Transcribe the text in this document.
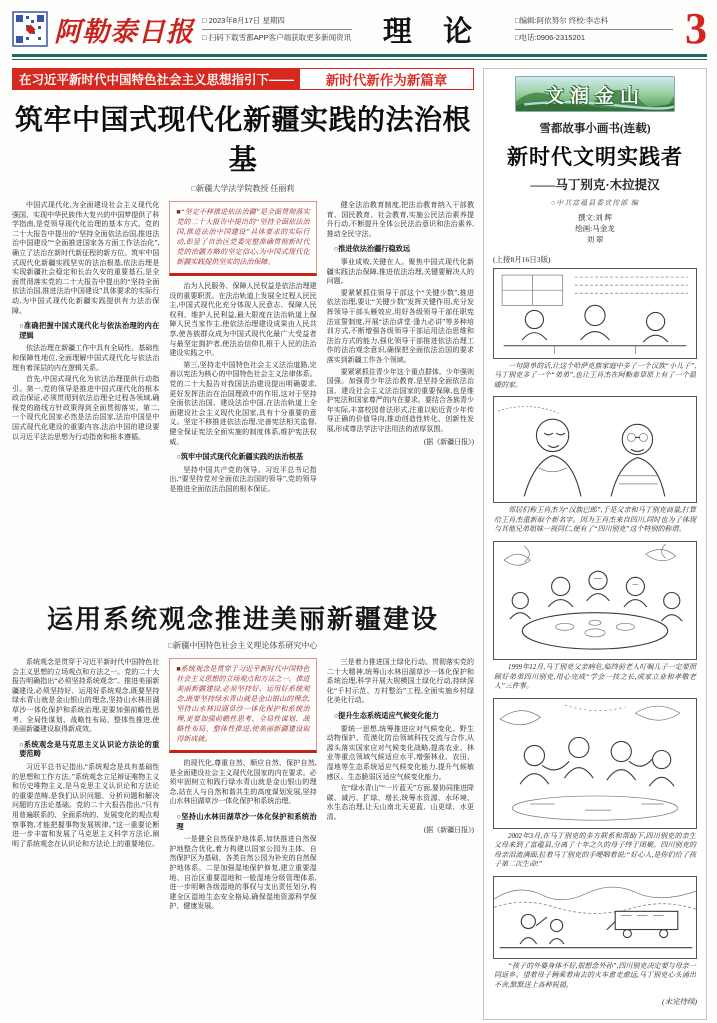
阿勒泰日报 □ 2023年8月17日 星期四
□ 扫码下载雪都APP客户端获取更多新闻资讯	理 论	□编辑:阿依努尔 终校:李志科
□电话:0906-2315201	3
在习近平新时代中国特色社会主义思想指引下——	新时代新作为新篇章
筑牢中国式现代化新疆实践的法治根基
□新疆大学法学院教授 任丽莉

中国式现代化,为全面建设社会主义现代化强国、实现中华民族伟大复兴的中国梦提供了科学指南,是党领导现代化治理的基本方式。党的二十大报告中提出的“坚持全面依法治国,推进法治中国建设”“全面推进国家各方面工作法治化”,确立了法治在新时代新征程的新方位。筑牢中国式现代化新疆实践坚实的法治根基,依法治理是实现新疆社会稳定和长治久安的重要基石,是全面贯彻落实党的二十大报告中提出的“坚持全面依法治国,推进法治中国建设”具体要求的实际行动,为中国式现代化新疆实践提供有力法治保障。

○准确把握中国式现代化与依法治理的内在逻辑

依法治理在新疆工作中具有全局性、基础性和保障性地位,全面理解中国式现代化与依法治理有着深层的内在逻辑关系。

首先,中国式现代化为依法治理提供行动指引。第一,党的领导是推进中国式现代化的根本政治保证,必须贯彻到依法治理全过程各领域,确保党的路线方针政策得到全面贯彻落实。第二,一个现代化国家必然是法治国家,法治中国是中国式现代化建设的重要内容,法治中国的建设要以习近平法治思想为行动指南和根本遵循。

■“坚定不移推进依法治疆”是全面贯彻落实党的二十大报告中提出的“坚持全面依法治国,推进法治中国建设”具体要求的实际行动,彰显了自治区党委完整准确贯彻新时代党的治疆方略的坚定信心,为中国式现代化新疆实践提供坚实的法治保障。

治为人民服务、保障人民权益是依法治理建设的重要职责。在法治轨道上发展全过程人民民主,中国式现代化充分体现人民意志、保障人民权利、维护人民利益,最大限度在法治轨道上保障人民当家作主,使依法治理建设成果由人民共享,使各族群众成为中国式现代化最广大受益者与最坚定拥护者,使法治信仰扎根于人民的法治建设实践之中。

第三,坚持走中国特色社会主义法治道路,完善以宪法为核心的中国特色社会主义法律体系。党的二十大报告对我国法治建设提出明确要求,更好发挥法治在治国理政中的作用,这对于坚持全面依法治国、建设法治中国,在法治轨道上全面建设社会主义现代化国家,具有十分重要的意义。坚定不移推进依法治理,完善宪法相关监督,健全保证宪法全面实施的制度体系,维护宪法权威。

○筑牢中国式现代化新疆实践的法治根基

坚持中国共产党的领导。习近平总书记指出,“要坚持党对全面依法治国的领导”,党的领导是推进全面依法治国的根本保证。

健全法治教育制度,把法治教育纳入干部教育、国民教育、社会教育,实施公民法治素养提升行动,不断提升全体公民法治意识和法治素养,推动全民守法。

○推进依法治疆行稳致远

事业成败,关键在人。聚焦中国式现代化新疆实践法治保障,推进依法治理,关键要解决人的问题。

要紧紧抓住领导干部这个“关键少数”,推进依法治理,要让“关键少数”发挥关键作用,充分发挥领导干部头雁效应,用好各级领导干部任职宪法宣誓制度,开展“法治讲堂·逢九必讲”等多种培训方式,不断增强各级领导干部运用法治思维和法治方式的能力,强化领导干部推进依法治理工作的法治观念意识,确保把全面依法治国的要求落实到新疆工作各个领域。

要紧紧抓住青少年这个重点群体。少年强则国强。加强青少年法治教育,是坚持全面依法治国、建设社会主义法治国家的重要保障,也是维护宪法和国家尊严的内在要求。要结合各族青少年实际,丰富校园普法形式,注重以贴近青少年传导正确的价值导向,推动创造性转化、创新性发展,形成尊法学法守法用法的浓厚氛围。

(据《新疆日报》)

运用系统观念推进美丽新疆建设
□新疆中国特色社会主义理论体系研究中心

系统观念是贯穿于习近平新时代中国特色社会主义思想的立场观点和方法之一。党的二十大报告明确指出“必须坚持系统观念”。推进美丽新疆建设,必须坚持好、运用好系统观念,既要坚持绿水青山就是金山银山的理念,坚持山水林田湖草沙一体化保护和系统治理,更要加强前瞻性思考、全局性谋划、战略性布局、整体性推进,使美丽新疆建设取得新成效。

○系统观念是马克思主义认识论方法论的重要范畴

习近平总书记指出,“系统观念是具有基础性的思想和工作方法。”系统观念立足辩证唯物主义和历史唯物主义,是马克思主义认识论和方法论的重要范畴,是我们认识问题、分析问题和解决问题的方法论基础。党的二十大报告指出,“只有用普遍联系的、全面系统的、发展变化的观点观察事物,才能把握事物发展规律。”这一重要论断进一步丰富和发展了马克思主义科学方法论,阐明了系统观念在认识论和方法论上的重要地位。

■系统观念是贯穿于习近平新时代中国特色社会主义思想的立场观点和方法之一。推进美丽新疆建设,必须坚持好、运用好系统观念,既要坚持绿水青山就是金山银山的理念,坚持山水林田湖草沙一体化保护和系统治理,更要加强前瞻性思考、全局性谋划、战略性布局、整体性推进,使美丽新疆建设取得新成就。

的现代化,尊重自然、顺应自然、保护自然,是全面建设社会主义现代化国家的内在要求。必须牢固树立和践行绿水青山就是金山银山的理念,站在人与自然和谐共生的高度谋划发展,坚持山水林田湖草沙一体化保护和系统治理。

○坚持山水林田湖草沙一体化保护和系统治理

一是健全自然保护地体系,加快推进自然保护地整合优化,着力构建以国家公园为主体、自然保护区为基础、各类自然公园为补充的自然保护地体系。二是加强湿地保护修复,建立重要湿地、自治区重要湿地和一般湿地分级管理体系,进一步明晰各级湿地的事权与支出责任划分,构建全区湿地生态安全格局,确保湿地资源科学保护、健康发展。

三是着力推进国土绿化行动。贯彻落实党的二十大精神,统筹山水林田湖草沙一体化保护和系统治理,科学开展大规模国土绿化行动,持续深化“千村示范、万村整治”工程,全面实施乡村绿化美化行动。

○提升生态系统适应气候变化能力

要统一思想,统筹推进应对气候变化、野生动物保护、荒漠化防治领域科技交流与合作,从源头落实国家应对气候变化战略,提高农业、林业等重点领域气候适应水平,增强林业、农田、湿地等生态系统适应气候变化能力,提升气候敏感区、生态脆弱区适应气候变化能力。

在“绿水青山”“一片蓝天”方面,要协同推进降碳、减污、扩绿、增长,统筹水资源、水环境、水生态治理,让天山南北天更蓝、山更绿、水更清。

(据《新疆日报》)

文润金山
雪都故事小画书(连载)
新时代文明实践者
——马丁别克·木拉提汉
○中共富蕴县委宣传部 编
撰文:刘 辉
绘画:马金龙
刘 翠
(上接8月16日3版)

一句简单的话,让这个哈萨克族家庭中多了一个汉族“小儿子”,马丁别克多了一个“弟弟”,也让王肖杰在阿勒泰草原上有了一个温暖的家。

邻居们称王肖杰为“汉族巴郎”,于是父亲和马丁别克商量,打算给王肖杰重新取个新名字。因为王肖杰来自四川,同时也为了体现与其他兄弟姐妹一视同仁,便有了“四川别克”这个特别的称谓。

1999年12月,马丁别克父亲病危,临终前老人叮嘱儿子一定要照顾好弟弟四川别克,用心完成“学会一技之长,成家立业和孝敬老人”三件事。

2002年3月,在马丁别克的多方联系和帮助下,四川别克的亲生父母来到了富蕴县,分离了十年之久的母子终于团聚。四川别克的母亲泪流满面,拉着马丁别克的手哽咽着说:“好心人,是你们给了孩子第二次生命!”

“孩子的外婆身体不好,很想念外孙”,四川别克决定要与母亲一同返乡。望着母子俩乘着南去的火车愈走愈远,马丁别克心头涌出不舍,默默送上各种祝福。

(未完待续)
